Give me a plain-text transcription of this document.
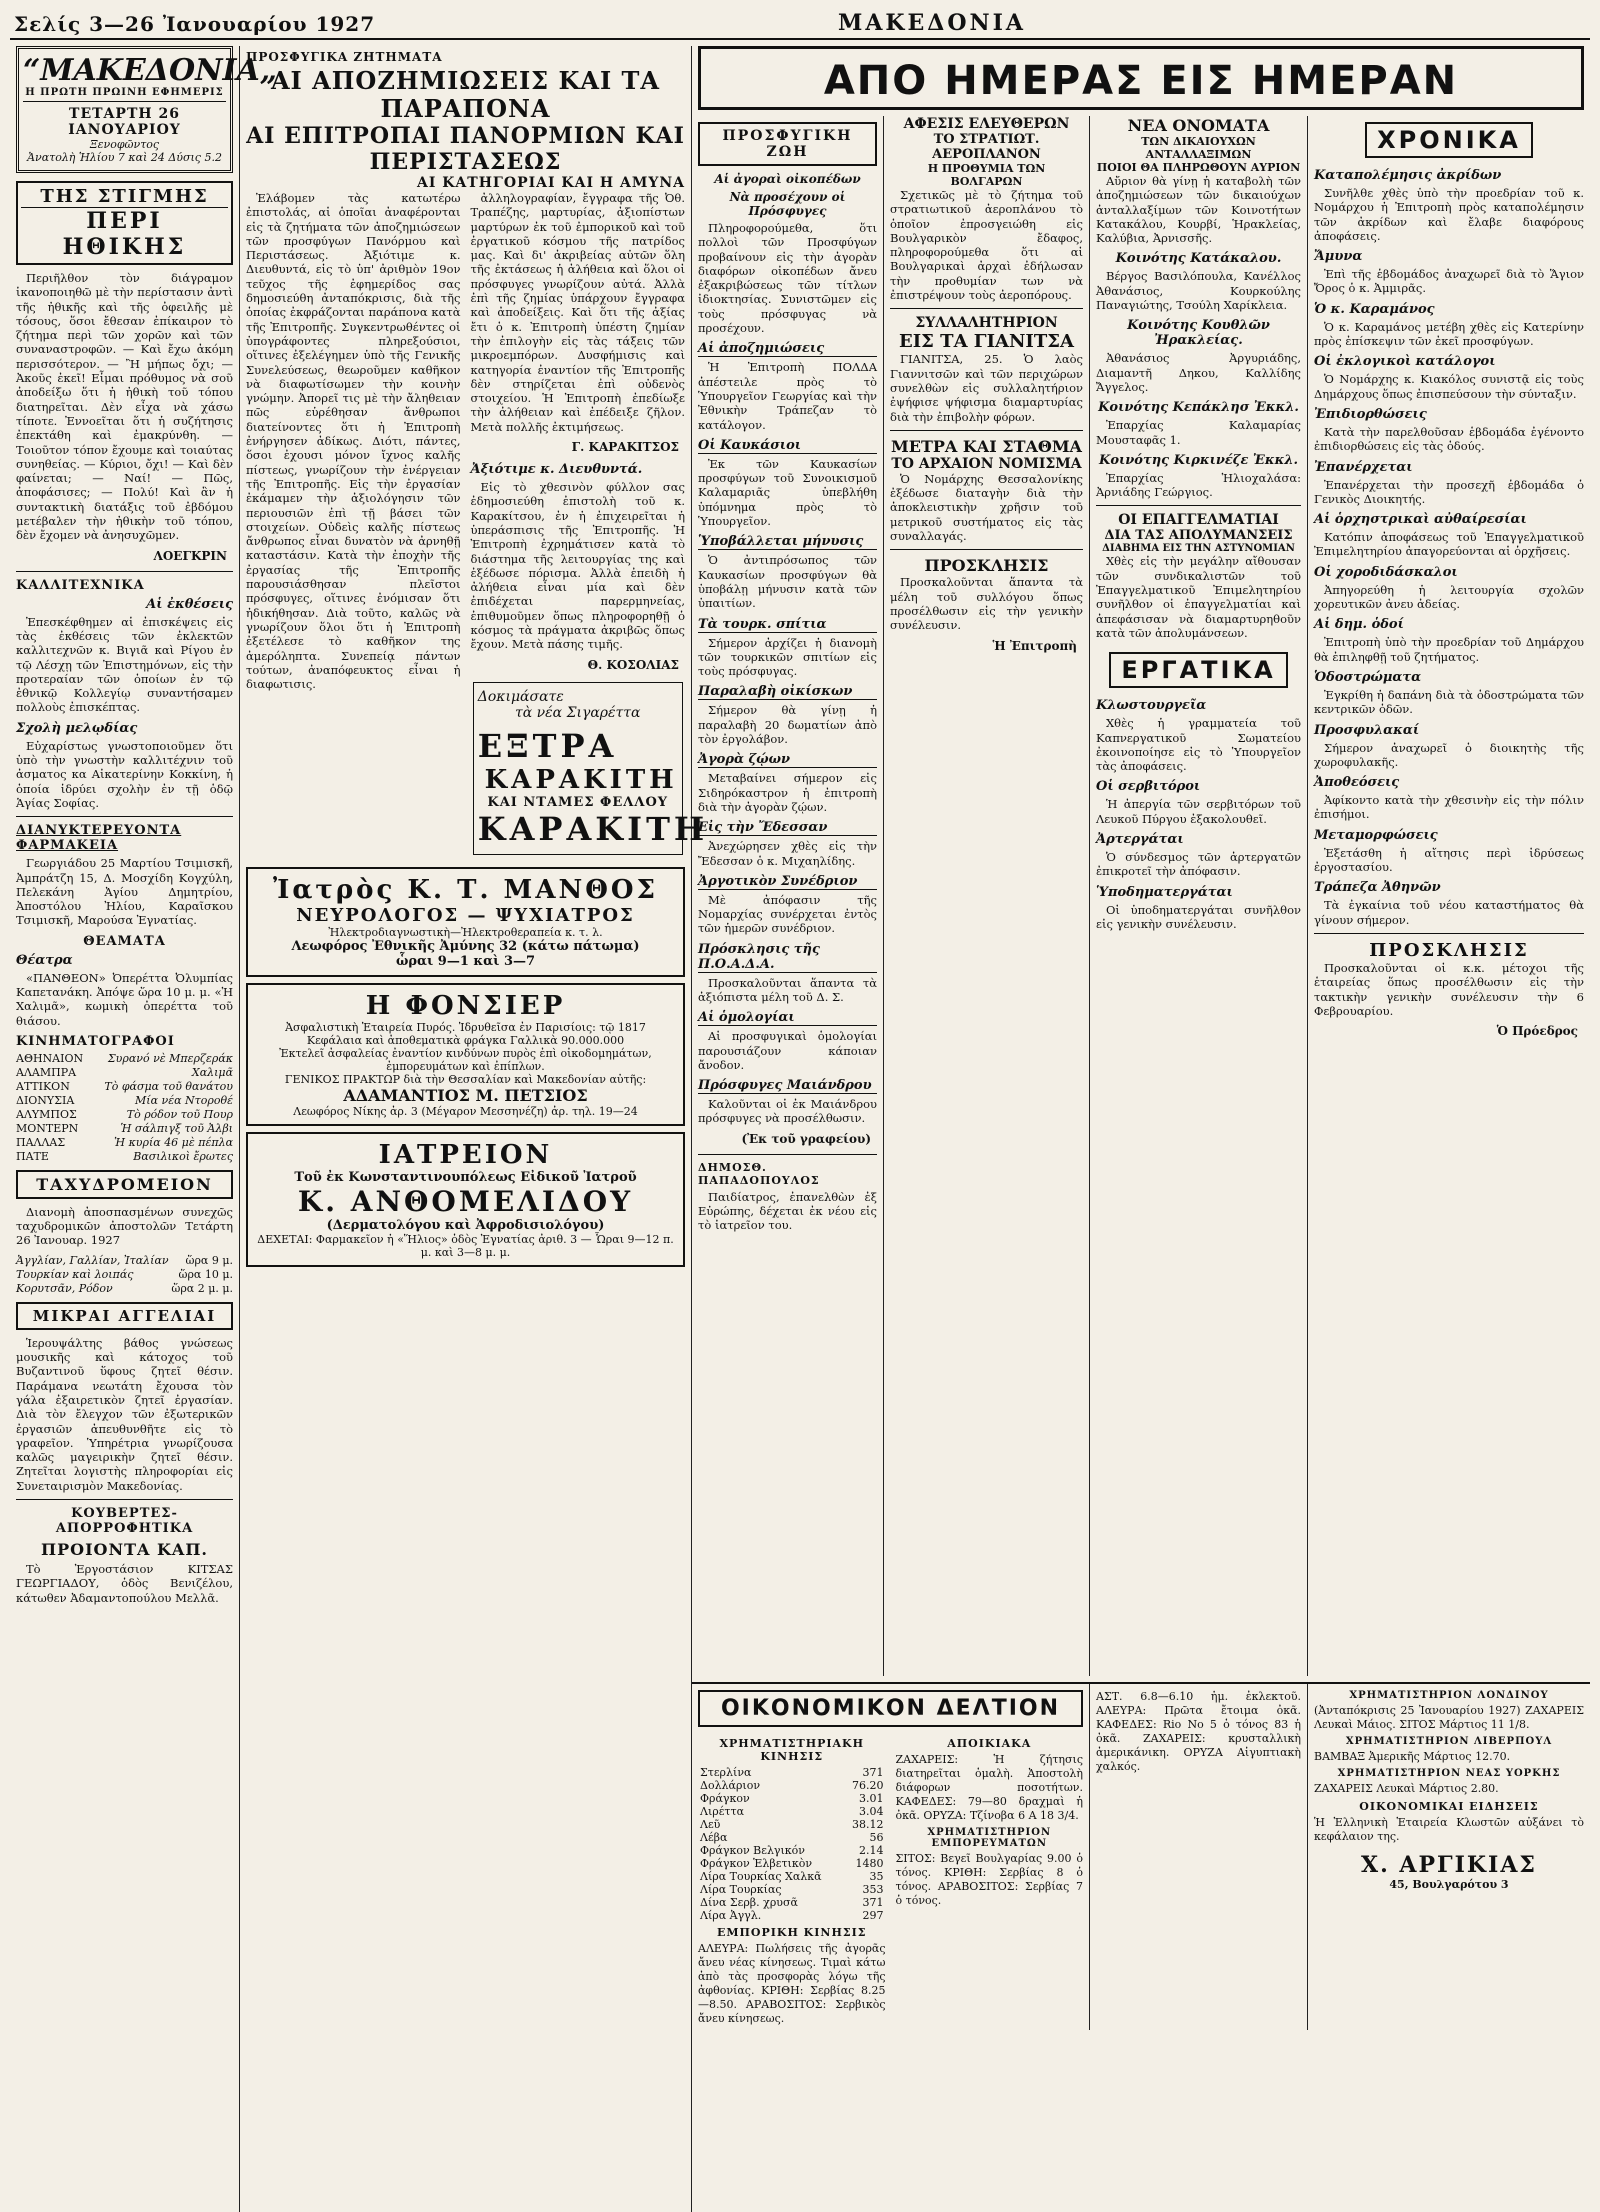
Σελίς 3—26 Ἰανουαρίου 1927	ΜΑΚΕΔΟΝΙΑ
“ΜΑΚΕΔΟΝΙΑ„
Η ΠΡΩΤΗ ΠΡΩΙΝΗ ΕΦΗΜΕΡΙΣ
ΤΕΤΑΡΤΗ 26 ΙΑΝΟΥΑΡΙΟΥ
Ξενοφῶντος
Ἀνατολὴ Ἡλίου 7 καὶ 24 Δύσις 5.2
ΤΗΣ ΣΤΙΓΜΗΣ
ΠΕΡΙ ΗΘΙΚΗΣ

Περιῆλθον τὸν διάγραμον ἱκανοποιηθῶ μὲ τὴν περίστασιν ἀντὶ τῆς ἠθικῆς καὶ τῆς ὀφειλῆς μὲ τόσους, ὅσοι ἔθεσαν ἐπίκαιρον τὸ ζήτημα περὶ τῶν χορῶν καὶ τῶν συναναστροφῶν. — Καὶ ἔχω ἀκόμη περισσότερον. — Ἢ μήπως ὄχι; — Ἀκοῦς ἐκεῖ! Εἶμαι πρόθυμος νὰ σοῦ ἀποδείξω ὅτι ἡ ἠθικὴ τοῦ τόπου διατηρεῖται. Δὲν εἶχα νὰ χάσω τίποτε. Ἐννοεῖται ὅτι ἡ συζήτησις ἐπεκτάθη καὶ ἐμακρύνθη. — Τοιοῦτον τόπον ἔχουμε καὶ τοιαύτας συνηθείας. — Κύριοι, ὄχι! — Καὶ δὲν φαίνεται; — Ναί! — Πῶς, ἀποφάσισες; — Πολύ! Καὶ ἂν ἡ συντακτικὴ διατάξις τοῦ ἐβδόμου μετέβαλεν τὴν ἠθικὴν τοῦ τόπου, δὲν ἔχομεν νὰ ἀνησυχῶμεν.

ΛΟΕΓΚΡΙΝ
ΚΑΛΛΙΤΕΧΝΙΚΑ
Αἱ ἐκθέσεις

Ἐπεσκέφθημεν αἱ ἐπισκέψεις εἰς τὰς ἐκθέσεις τῶν ἐκλεκτῶν καλλιτεχνῶν κ. Βιγιᾶ καὶ Ρίγου ἐν τῷ Λέσχῃ τῶν Ἐπιστημόνων, εἰς τὴν προτεραίαν τῶν ὁποίων ἐν τῷ ἐθνικῷ Κολλεγίῳ συναντήσαμεν πολλοὺς ἐπισκέπτας.

Σχολὴ μελῳδίας

Εὐχαρίστως γνωστοποιοῦμεν ὅτι ὑπὸ τὴν γνωστὴν καλλιτέχνιν τοῦ ἀσματος κα Αἰκατερίνην Κοκκίνη, ἡ ὁποία ἱδρύει σχολὴν ἐν τῇ ὁδῷ Ἁγίας Σοφίας.

ΔΙΑΝΥΚΤΕΡΕΥΟΝΤΑ ΦΑΡΜΑΚΕΙΑ

Γεωργιάδου 25 Μαρτίου Τσιμισκῆ, Ἀμπράτζη 15, Δ. Μοσχίδη Κογχύλη, Πελεκάνη Ἀγίου Δημητρίου, Ἀποστόλου Ἠλίου, Καραῖσκου Τσιμισκῆ, Μαρούσα Ἐγνατίας.

ΘΕΑΜΑΤΑ
Θέατρα

«ΠΑΝΘΕΟΝ» Ὀπερέττα Ὀλυμπίας Καπετανάκη. Ἀπόψε ὥρα 10 μ. μ. «Ἡ Χαλιμᾶ», κωμικὴ ὀπερέττα τοῦ θιάσου.

ΚΙΝΗΜΑΤΟΓΡΑΦΟΙ
ΑΘΗΝΑΙΟΝ Συρανό νὲ Μπερζεράκ
ΑΛΑΜΠΡΑ	Χαλιμᾶ
ΑΤΤΙΚΟΝ	Τὸ φάσμα τοῦ θανάτου
ΔΙΟΝΥΣΙΑ	Μία νέα Ντοροθέ
ΑΛΥΜΠΟΣ	Τὸ ρόδον τοῦ Πουρ
ΜΟΝΤΕΡΝ	Ἡ σάλπιγξ τοῦ Ἀλβι
ΠΑΛΛΑΣ	Ἡ κυρία 46 μὲ πέπλα
ΠΑΤΕ	Βασιλικοὶ ἔρωτες
ΤΑΧΥΔΡΟΜΕΙΟΝ

Διανομὴ ἀποσπασμένων συνεχῶς ταχυδρομικῶν ἀποστολῶν Τετάρτη 26 Ἰανουαρ. 1927

Ἀγγλίαν, Γαλλίαν, Ἰταλίαν ὥρα 9 μ.
Τουρκίαν καὶ λοιπάς	ὥρα 10 μ.
Κορυτσᾶν, Ρόδον	ὥρα 2 μ. μ.
ΜΙΚΡΑΙ ΑΓΓΕΛΙΑΙ

Ἱερουψάλτης βάθος γνώσεως μουσικῆς καὶ κάτοχος τοῦ Βυζαντινοῦ ὕφους ζητεῖ θέσιν. Παράμανα νεωτάτη ἔχουσα τὸν γάλα ἐξαιρετικὸν ζητεῖ ἐργασίαν. Διὰ τὸν ἔλεγχον τῶν ἐξωτερικῶν ἐργασιῶν ἀπευθυνθῆτε εἰς τὸ γραφεῖον. Ὑπηρέτρια γνωρίζουσα καλῶς μαγειρικὴν ζητεῖ θέσιν. Ζητεῖται λογιστὴς πληροφορίαι εἰς Συνεταιρισμὸν Μακεδονίας.

ΚΟΥΒΕΡΤΕΣ-ΑΠΟΡΡΟΦΗΤΙΚΑ
ΠΡΟΙΟΝΤΑ ΚΑΠ.

Τὸ Ἐργοστάσιον ΚΙΤΣΑΣ ΓΕΩΡΓΙΑΔΟΥ, ὁδὸς Βενιζέλου, κάτωθεν Ἀδαμαντοπούλου Μελλᾶ.

ΠΡΟΣΦΥΓΙΚΑ ΖΗΤΗΜΑΤΑ
ΑΙ ΑΠΟΖΗΜΙΩΣΕΙΣ ΚΑΙ ΤΑ ΠΑΡΑΠΟΝΑ
ΑΙ ΕΠΙΤΡΟΠΑΙ ΠΑΝΟΡΜΙΩΝ ΚΑΙ ΠΕΡΙΣΤΑΣΕΩΣ
ΑΙ ΚΑΤΗΓΟΡΙΑΙ ΚΑΙ Η ΑΜΥΝΑ

Ἐλάβομεν τὰς κατωτέρω ἐπιστολάς, αἱ ὁποῖαι ἀναφέρονται εἰς τὰ ζητήματα τῶν ἀποζημιώσεων τῶν προσφύγων Πανόρμου καὶ Περιστάσεως. Ἀξιότιμε κ. Διευθυντά, εἰς τὸ ὑπ' ἀριθμὸν 19ον τεῦχος τῆς ἐφημερίδος σας δημοσιεύθη ἀνταπόκρισις, διὰ τῆς ὁποίας ἐκφράζονται παράπονα κατὰ τῆς Ἐπιτροπῆς. Συγκεντρωθέντες οἱ ὑπογράφοντες πληρεξούσιοι, οἵτινες ἐξελέγημεν ὑπὸ τῆς Γενικῆς Συνελεύσεως, θεωροῦμεν καθῆκον νὰ διαφωτίσωμεν τὴν κοινὴν γνώμην. Ἀπορεῖ τις μὲ τὴν ἄληθειαν πῶς εὑρέθησαν ἄνθρωποι διατείνοντες ὅτι ἡ Ἐπιτροπὴ ἐνήργησεν ἀδίκως. Διότι, πάντες, ὅσοι ἐχουσι μόνον ἴχνος καλῆς πίστεως, γνωρίζουν τὴν ἐνέργειαν τῆς Ἐπιτροπῆς. Εἰς τὴν ἐργασίαν ἐκάμαμεν τὴν ἀξιολόγησιν τῶν περιουσιῶν ἐπὶ τῇ βάσει τῶν στοιχείων. Οὐδεὶς καλῆς πίστεως ἄνθρωπος εἶναι δυνατὸν νὰ ἀρνηθῇ καταστάσιν. Κατὰ τὴν ἐποχὴν τῆς ἐργασίας τῆς Ἐπιτροπῆς παρουσιάσθησαν πλεῖστοι πρόσφυγες, οἵτινες ἐνόμισαν ὅτι ἠδικήθησαν. Διὰ τοῦτο, καλῶς νὰ γνωρίζουν ὅλοι ὅτι ἡ Ἐπιτροπὴ ἐξετέλεσε τὸ καθῆκον της ἀμερόληπτα. Συνεπείᾳ πάντων τούτων, ἀναπόφευκτος εἶναι ἡ διαφωτισις.

ἀλληλογραφίαν, ἔγγραφα τῆς Ὀθ. Τραπέζης, μαρτυρίας, ἀξιοπίστων μαρτύρων ἐκ τοῦ ἐμπορικοῦ καὶ τοῦ ἐργατικοῦ κόσμου τῆς πατρίδος μας. Καὶ δι' ἀκριβείας αὐτῶν ὅλη τῆς ἐκτάσεως ἡ ἀλήθεια καὶ ὅλοι οἱ πρόσφυγες γνωρίζουν αὐτά. Ἀλλὰ ἐπὶ τῆς ζημίας ὑπάρχουν ἔγγραφα καὶ ἀποδείξεις. Καὶ ὅτι τῆς ἀξίας ἔτι ὁ κ. Ἐπιτροπὴ ὑπέστη ζημίαν τὴν ἐπιλογὴν εἰς τὰς τάξεις τῶν μικροεμπόρων. Δυσφήμισις καὶ κατηγορία ἐναντίον τῆς Ἐπιτροπῆς δὲν στηρίζεται ἐπὶ οὐδενὸς στοιχείου. Ἡ Ἐπιτροπὴ ἐπεδίωξε τὴν ἀλήθειαν καὶ ἐπέδειξε ζῆλον. Μετὰ πολλῆς ἐκτιμήσεως.

Γ. ΚΑΡΑΚΙΤΣΟΣ
Ἀξιότιμε κ. Διευθυντά.

Εἰς τὸ χθεσινὸν φύλλον σας ἐδημοσιεύθη ἐπιστολὴ τοῦ κ. Καρακίτσου, ἐν ἡ ἐπιχειρεῖται ἡ ὑπεράσπισις τῆς Ἐπιτροπῆς. Ἡ Ἐπιτροπὴ ἐχρημάτισεν κατὰ τὸ διάστημα τῆς λειτουργίας της καὶ ἐξέδωσε πόρισμα. Ἀλλὰ ἐπειδὴ ἡ ἀλήθεια εἶναι μία καὶ δὲν ἐπιδέχεται παρερμηνείας, ἐπιθυμοῦμεν ὅπως πληροφορηθῇ ὁ κόσμος τὰ πράγματα ἀκριβῶς ὅπως ἔχουν. Μετὰ πάσης τιμῆς.

Θ. ΚΟΣΟΛΙΑΣ
Δοκιμάσατε
τὰ νέα Σιγαρέττα
ΕΞΤΡΑ
ΚΑΡΑΚΙΤΗ
ΚΑΙ ΝΤΑΜΕΣ ΦΕΛΛΟΥ
ΚΑΡΑΚΙΤΗ
Ἰατρὸς Κ. Τ. ΜΑΝΘΟΣ
ΝΕΥΡΟΛΟΓΟΣ — ΨΥΧΙΑΤΡΟΣ
Ἠλεκτροδιαγνωστικὴ—Ἠλεκτροθεραπεία κ. τ. λ.
Λεωφόρος Ἐθνικῆς Ἀμύνης 32 (κάτω πάτωμα)
ὧραι 9—1 καὶ 3—7
Η ΦΟΝΣΙΕΡ
Ἀσφαλιστικὴ Ἑταιρεία Πυρός. Ἱδρυθεῖσα ἐν Παρισίοις: τῷ 1817
Κεφάλαια καὶ ἀποθεματικὰ φράγκα Γαλλικὰ 90.000.000
Ἐκτελεῖ ἀσφαλείας ἐναντίον κινδύνων πυρὸς ἐπὶ οἰκοδομημάτων, ἐμπορευμάτων καὶ ἐπίπλων.
ΓΕΝΙΚΟΣ ΠΡΑΚΤΩΡ διὰ τὴν Θεσσαλίαν καὶ Μακεδονίαν αὐτῆς:
ΑΔΑΜΑΝΤΙΟΣ Μ. ΠΕΤΣΙΟΣ
Λεωφόρος Νίκης ἀρ. 3 (Μέγαρον Μεσσηνέζη) ἀρ. τηλ. 19—24
ΙΑΤΡΕΙΟΝ
Τοῦ ἐκ Κωνσταντινουπόλεως Εἰδικοῦ Ἰατροῦ
Κ. ΑΝΘΟΜΕΛΙΔΟΥ
(Δερματολόγου καὶ Ἀφροδισιολόγου)
ΔΕΧΕΤΑΙ: Φαρμακεῖον ἡ «Ἥλιος» ὁδὸς Ἐγνατίας ἀριθ. 3 — Ὧραι 9—12 π. μ. καὶ 3—8 μ. μ.
ΑΠΟ ΗΜΕΡΑΣ ΕΙΣ ΗΜΕΡΑΝ
ΠΡΟΣΦΥΓΙΚΗ ΖΩΗ
Αἱ ἀγοραὶ οἰκοπέδων
Νὰ προσέχουν οἱ Πρόσφυγες

Πληροφορούμεθα, ὅτι πολλοὶ τῶν Προσφύγων προβαίνουν εἰς τὴν ἀγορὰν διαφόρων οἰκοπέδων ἄνευ ἐξακριβώσεως τῶν τίτλων ἰδιοκτησίας. Συνιστῶμεν εἰς τοὺς πρόσφυγας νὰ προσέχουν.

Αἱ ἀποζημιώσεις

Ἡ Ἐπιτροπὴ ΠΟΛΔΑ ἀπέστειλε πρὸς τὸ Ὑπουργεῖον Γεωργίας καὶ τὴν Ἐθνικὴν Τράπεζαν τὸ κατάλογον.

Οἱ Καυκάσιοι

Ἐκ τῶν Καυκασίων προσφύγων τοῦ Συνοικισμοῦ Καλαμαριᾶς ὑπεβλήθη ὑπόμνημα πρὸς τὸ Ὑπουργεῖον.

Ὑποβάλλεται μήνυσις

Ὁ ἀντιπρόσωπος τῶν Καυκασίων προσφύγων θὰ ὑποβάλῃ μήνυσιν κατὰ τῶν ὑπαιτίων.

Τὰ τουρκ. σπίτια

Σήμερον ἀρχίζει ἡ διανομὴ τῶν τουρκικῶν σπιτίων εἰς τοὺς πρόσφυγας.

Παραλαβὴ οἰκίσκων

Σήμερον θὰ γίνῃ ἡ παραλαβὴ 20 δωματίων ἀπὸ τὸν ἐργολάβον.

Ἀγορὰ ζῴων

Μεταβαίνει σήμερον εἰς Σιδηρόκαστρον ἡ ἐπιτροπὴ διὰ τὴν ἀγορὰν ζῴων.

Εἰς τὴν Ἔδεσσαν

Ἀνεχώρησεν χθὲς εἰς τὴν Ἔδεσσαν ὁ κ. Μιχαηλίδης.

Ἀργοτικὸν Συνέδριον

Μὲ ἀπόφασιν τῆς Νομαρχίας συνέρχεται ἐντὸς τῶν ἡμερῶν συνέδριον.

Πρόσκλησις τῆς Π.Ο.Α.Δ.Α.

Προσκαλοῦνται ἅπαντα τὰ ἀξιόπιστα μέλη τοῦ Δ. Σ.

Αἱ ὁμολογίαι

Αἱ προσφυγικαὶ ὁμολογίαι παρουσιάζουν κάποιαν ἄνοδον.

Πρόσφυγες Μαιάνδρου

Καλοῦνται οἱ ἐκ Μαιάνδρου πρόσφυγες νὰ προσέλθωσιν.

(Ἐκ τοῦ γραφείου)
ΔΗΜΟΣΘ. ΠΑΠΑΔΟΠΟΥΛΟΣ

Παιδίατρος, ἐπανελθὼν ἐξ Εὐρώπης, δέχεται ἐκ νέου εἰς τὸ ἰατρεῖον του.

ΑΦΕΣΙΣ ΕΛΕΥΘΕΡΩΝ
ΤΟ ΣΤΡΑΤΙΩΤ. ΑΕΡΟΠΛΑΝΟΝ
Η ΠΡΟΘΥΜΙΑ ΤΩΝ ΒΟΛΓΑΡΩΝ

Σχετικῶς μὲ τὸ ζήτημα τοῦ στρατιωτικοῦ ἀεροπλάνου τὸ ὁποῖον ἐπροσγειώθη εἰς Βουλγαρικὸν ἔδαφος, πληροφορούμεθα ὅτι αἱ Βουλγαρικαὶ ἀρχαὶ ἐδήλωσαν τὴν προθυμίαν των νὰ ἐπιστρέψουν τοὺς ἀεροπόρους.

ΣΥΛΛΑΛΗΤΗΡΙΟΝ
ΕΙΣ ΤΑ ΓΙΑΝΙΤΣΑ

ΓΙΑΝΙΤΣΑ, 25. Ὁ λαὸς Γιαννιτσῶν καὶ τῶν περιχώρων συνελθὼν εἰς συλλαλητήριον ἐψήφισε ψήφισμα διαμαρτυρίας διὰ τὴν ἐπιβολὴν φόρων.

ΜΕΤΡΑ ΚΑΙ ΣΤΑΘΜΑ
ΤΟ ΑΡΧΑΙΟΝ ΝΟΜΙΣΜΑ

Ὁ Νομάρχης Θεσσαλονίκης ἐξέδωσε διαταγὴν διὰ τὴν ἀποκλειστικὴν χρῆσιν τοῦ μετρικοῦ συστήματος εἰς τὰς συναλλαγάς.

ΠΡΟΣΚΛΗΣΙΣ

Προσκαλοῦνται ἅπαντα τὰ μέλη τοῦ συλλόγου ὅπως προσέλθωσιν εἰς τὴν γενικὴν συνέλευσιν.

Ἡ Ἐπιτροπὴ
ΝΕΑ ΟΝΟΜΑΤΑ
ΤΩΝ ΔΙΚΑΙΟΥΧΩΝ ΑΝΤΑΛΛΑΞΙΜΩΝ
ΠΟΙΟΙ ΘΑ ΠΛΗΡΩΘΟΥΝ ΑΥΡΙΟΝ

Αὔριον θὰ γίνῃ ἡ καταβολὴ τῶν ἀποζημιώσεων τῶν δικαιούχων ἀνταλλαξίμων τῶν Κοινοτήτων Κατακάλου, Κουρβί, Ἡρακλείας, Καλύβια, Ἀρνισσῆς.

Κοινότης Κατάκαλου.

Βέργος Βασιλόπουλα, Κανέλλος Ἀθανάσιος, Κουρκούλης Παναγιώτης, Τσούλη Χαρίκλεια.

Κοινότης Κουθλῶν Ἠρακλείας.

Ἀθανάσιος Ἀργυριάδης, Διαμαντῆ Δηκου, Καλλίδης Ἄγγελος.

Κοινότης Κεπάκλησ Ἐκκλ.

Ἐπαρχίας Καλαμαρίας Μουσταφᾶς 1.

Κοινότης Κιρκινέζε Ἐκκλ.

Ἐπαρχίας Ἡλιοχαλάσα: Ἀρνιάδης Γεώργιος.

ΟΙ ΕΠΑΓΓΕΛΜΑΤΙΑΙ
ΔΙΑ ΤΑΣ ΑΠΟΛΥΜΑΝΣΕΙΣ
ΔΙΑΒΗΜΑ ΕΙΣ ΤΗΝ ΑΣΤΥΝΟΜΙΑΝ

Χθὲς εἰς τὴν μεγάλην αἴθουσαν τῶν συνδικαλιστῶν τοῦ Ἐπαγγελματικοῦ Ἐπιμελητηρίου συνῆλθον οἱ ἐπαγγελματίαι καὶ ἀπεφάσισαν νὰ διαμαρτυρηθοῦν κατὰ τῶν ἀπολυμάνσεων.

ΕΡΓΑΤΙΚΑ
Κλωστουργεῖα

Χθὲς ἡ γραμματεία τοῦ Καπνεργατικοῦ Σωματείου ἐκοινοποίησε εἰς τὸ Ὑπουργεῖον τὰς ἀποφάσεις.

Οἱ σερβιτόροι

Ἡ ἀπεργία τῶν σερβιτόρων τοῦ Λευκοῦ Πύργου ἐξακολουθεῖ.

Ἀρτεργάται

Ὁ σύνδεσμος τῶν ἀρτεργατῶν ἐπικροτεῖ τὴν ἀπόφασιν.

Ὑποδηματεργάται

Οἱ ὑποδηματεργάται συνῆλθον εἰς γενικὴν συνέλευσιν.

ΧΡΟΝΙΚΑ
Καταπολέμησις ἀκρίδων

Συνῆλθε χθὲς ὑπὸ τὴν προεδρίαν τοῦ κ. Νομάρχου ἡ Ἐπιτροπὴ πρὸς καταπολέμησιν τῶν ἀκρίδων καὶ ἔλαβε διαφόρους ἀποφάσεις.

Ἄμυνα

Ἐπὶ τῆς ἑβδομάδος ἀναχωρεῖ διὰ τὸ Ἅγιον Ὄρος ὁ κ. Ἀμμιρᾶς.

Ὁ κ. Καραμάνος

Ὁ κ. Καραμάνος μετέβη χθὲς εἰς Κατερίνην πρὸς ἐπίσκεψιν τῶν ἐκεῖ προσφύγων.

Οἱ ἐκλογικοὶ κατάλογοι

Ὁ Νομάρχης κ. Κιακόλος συνιστᾷ εἰς τοὺς Δημάρχους ὅπως ἐπισπεύσουν τὴν σύνταξιν.

Ἐπιδιορθώσεις

Κατὰ τὴν παρελθοῦσαν ἑβδομάδα ἐγένοντο ἐπιδιορθώσεις εἰς τὰς ὁδούς.

Ἐπανέρχεται

Ἐπανέρχεται τὴν προσεχῆ ἑβδομάδα ὁ Γενικὸς Διοικητής.

Αἱ ὁρχηστρικαὶ αὐθαίρεσίαι

Κατόπιν ἀποφάσεως τοῦ Ἐπαγγελματικοῦ Ἐπιμελητηρίου ἀπαγορεύονται αἱ ὁρχῆσεις.

Οἱ χοροδιδάσκαλοι

Ἀπηγορεύθη ἡ λειτουργία σχολῶν χορευτικῶν ἀνευ ἀδείας.

Αἱ δημ. ὁδοί

Ἐπιτροπὴ ὑπὸ τὴν προεδρίαν τοῦ Δημάρχου θὰ ἐπιληφθῇ τοῦ ζητήματος.

Ὁδοστρώματα

Ἐγκρίθη ἡ δαπάνη διὰ τὰ ὁδοστρώματα τῶν κεντρικῶν ὁδῶν.

Προσφυλακαί

Σήμερον ἀναχωρεῖ ὁ διοικητὴς τῆς χωροφυλακῆς.

Ἀποθεόσεις

Ἀφίκοντο κατὰ τὴν χθεσινὴν εἰς τὴν πόλιν ἐπισήμοι.

Μεταμορφώσεις

Ἐξετάσθη ἡ αἴτησις περὶ ἱδρύσεως ἐργοστασίου.

Τράπεζα Ἀθηνῶν

Τὰ ἐγκαίνια τοῦ νέου καταστήματος θὰ γίνουν σήμερον.

ΠΡΟΣΚΛΗΣΙΣ

Προσκαλοῦνται οἱ κ.κ. μέτοχοι τῆς ἑταιρείας ὅπως προσέλθωσιν εἰς τὴν τακτικὴν γενικὴν συνέλευσιν τὴν 6 Φεβρουαρίου.

Ὁ Πρόεδρος
ΟΙΚΟΝΟΜΙΚΟΝ ΔΕΛΤΙΟΝ
ΧΡΗΜΑΤΙΣΤΗΡΙΑΚΗ ΚΙΝΗΣΙΣ
Στερλίνα	371
Δολλάριον	76.20
Φράγκον	3.01
Λιρέττα	3.04
Λεῦ	38.12
Λέβα	56
Φράγκον Βελγικόν	2.14
Φράγκον Ἑλβετικὸν	1480
Λίρα Τουρκίας Χαλκᾶ	35
Λίρα Τουρκίας	353
Δίνα Σερβ. χρυσᾶ	371
Λίρα Ἀγγλ.	297
ΕΜΠΟΡΙΚΗ ΚΙΝΗΣΙΣ

ΑΛΕΥΡΑ: Πωλήσεις τῆς ἀγορᾶς ἄνευ νέας κίνησεως. Τιμαὶ κάτω ἀπὸ τὰς προσφορὰς λόγω τῆς ἀφθονίας. ΚΡΙΘΗ: Σερβίας 8.25—8.50. ΑΡΑΒΟΣΙΤΟΣ: Σερβικὸς ἄνευ κίνησεως.

ΑΠΟΙΚΙΑΚΑ

ΖΑΧΑΡΕΙΣ: Ἡ ζήτησις διατηρεῖται ὁμαλὴ. Ἀποστολὴ διάφορων ποσοτήτων. ΚΑΦΕΔΕΣ: 79—80 δραχμαὶ ἡ ὀκᾶ. ΟΡΥΖΑ: Τζίνοβα 6 Α 18 3/4.

ΧΡΗΜΑΤΙΣΤΗΡΙΟΝ ΕΜΠΟΡΕΥΜΑΤΩΝ

ΣΙΤΟΣ: Βεγεῖ Βουλγαρίας 9.00 ὁ τόνος. ΚΡΙΘΗ: Σερβίας 8 ὁ τόνος. ΑΡΑΒΟΣΙΤΟΣ: Σερβίας 7 ὁ τόνος.

ΑΣΤ. 6.8—6.10 ἡμ. ἐκλεκτοῦ. ΑΛΕΥΡΑ: Πρῶτα ἔτοιμα ὀκᾶ. ΚΑΦΕΔΕΣ: Rio Νο 5 ὁ τόνος 83 ἡ ὀκᾶ. ΖΑΧΑΡΕΙΣ: κρυσταλλικὴ ἀμερικάνικη. ΟΡΥΖΑ Αἰγυπτιακὴ χαλκός.

ΧΡΗΜΑΤΙΣΤΗΡΙΟΝ ΛΟΝΔΙΝΟΥ

(Ἀνταπόκρισις 25 Ἰανουαρίου 1927) ΖΑΧΑΡΕΙΣ Λευκαὶ Μάιος. ΣΙΤΟΣ Μάρτιος 11 1/8.

ΧΡΗΜΑΤΙΣΤΗΡΙΟΝ ΛΙΒΕΡΠΟΥΛ

ΒΑΜΒΑΞ Ἀμερικῆς Μάρτιος 12.70.

ΧΡΗΜΑΤΙΣΤΗΡΙΟΝ ΝΕΑΣ ΥΟΡΚΗΣ

ΖΑΧΑΡΕΙΣ Λευκαὶ Μάρτιος 2.80.

ΟΙΚΟΝΟΜΙΚΑΙ ΕΙΔΗΣΕΙΣ

Ἡ Ἑλληνικὴ Ἑταιρεία Κλωστῶν αὐξάνει τὸ κεφάλαιον της.

Χ. ΑΡΓΙΚΙΑΣ
45, Βουλγαρότου 3
